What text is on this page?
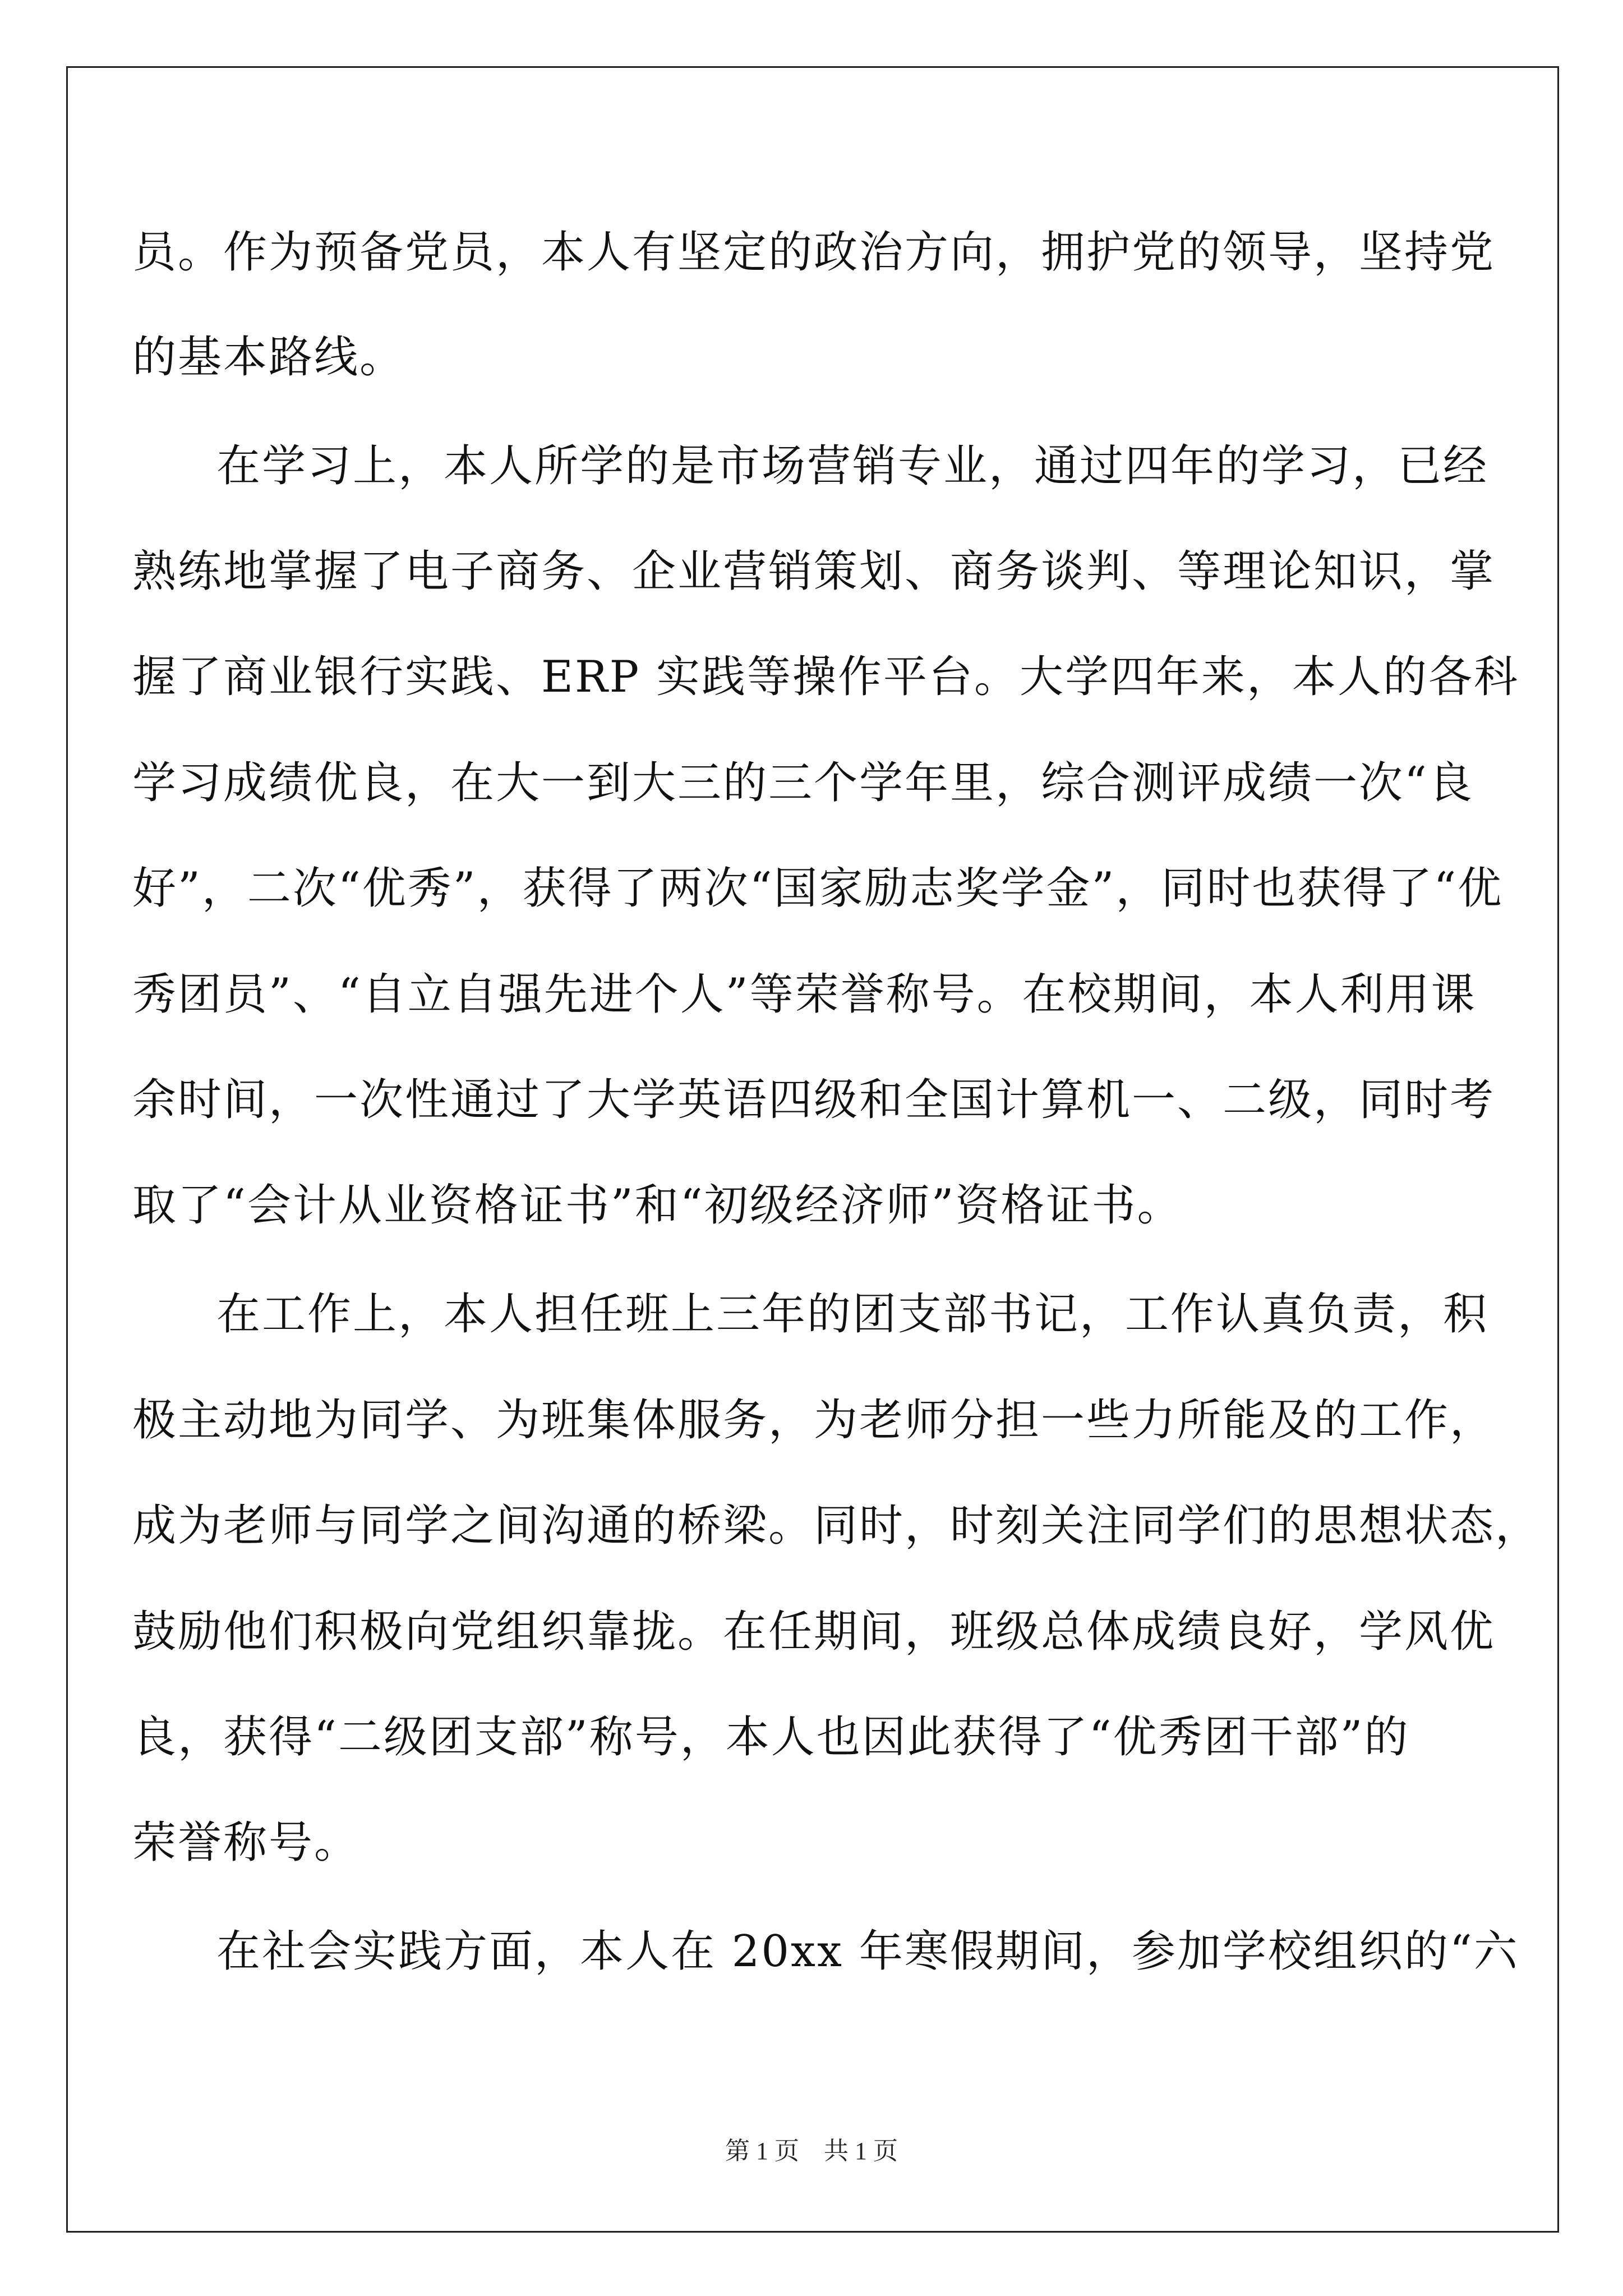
员。作为预备党员，本人有坚定的政治方向，拥护党的领导，坚持党
的基本路线。
在学习上，本人所学的是市场营销专业，通过四年的学习，已经
熟练地掌握了电子商务、企业营销策划、商务谈判、等理论知识，掌
握了商业银行实践、ERP 实践等操作平台。大学四年来，本人的各科
学习成绩优良，在大一到大三的三个学年里，综合测评成绩一次“良
好”，二次“优秀”，获得了两次“国家励志奖学金”，同时也获得了“优
秀团员”、“自立自强先进个人”等荣誉称号。在校期间，本人利用课
余时间，一次性通过了大学英语四级和全国计算机一、二级，同时考
取了“会计从业资格证书”和“初级经济师”资格证书。
在工作上，本人担任班上三年的团支部书记，工作认真负责，积
极主动地为同学、为班集体服务，为老师分担一些力所能及的工作，
成为老师与同学之间沟通的桥梁。同时，时刻关注同学们的思想状态，
鼓励他们积极向党组织靠拢。在任期间，班级总体成绩良好，学风优
良，获得“二级团支部”称号，本人也因此获得了“优秀团干部”的
荣誉称号。
在社会实践方面，本人在 20xx 年寒假期间，参加学校组织的“六
第 1 页　共 1 页
